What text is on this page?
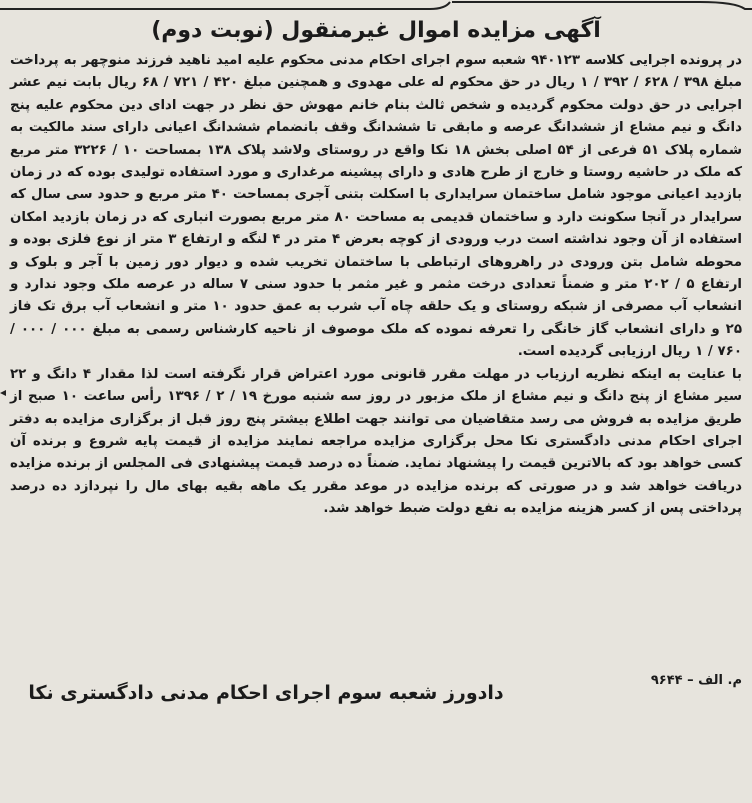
آگهی مزایده اموال غیرمنقول (نوبت دوم)

در پرونده اجرایی کلاسه ۹۴۰۱۲۳ شعبه سوم اجرای احکام مدنی محکوم علیه امید ناهید فرزند منوچهر به پرداخت مبلغ ۳۹۸ / ۶۲۸ / ۳۹۲ / ۱ ریال در حق محکوم له علی مهدوی و همچنین مبلغ ۴۲۰ / ۷۲۱ / ۶۸ ریال بابت نیم عشر اجرایی در حق دولت محکوم گردیده و شخص ثالث بنام خانم مهوش حق نظر در جهت ادای دین محکوم علیه پنج دانگ و نیم مشاع از ششدانگ عرصه و مابقی تا ششدانگ وقف بانضمام ششدانگ اعیانی دارای سند مالکیت به شماره پلاک ۵۱ فرعی از ۵۴ اصلی بخش ۱۸ نکا واقع در روستای ولاشد پلاک ۱۳۸ بمساحت ۱۰ / ۳۲۲۶ متر مربع که ملک در حاشیه روستا و خارج از طرح هادی و دارای پیشینه مرغداری و مورد استفاده تولیدی بوده که در زمان بازدید اعیانی موجود شامل ساختمان سرایداری با اسکلت بتنی آجری بمساحت ۴۰ متر مربع و حدود سی سال که سرایدار در آنجا سکونت دارد و ساختمان قدیمی به مساحت ۸۰ متر مربع بصورت انباری که در زمان بازدید امکان استفاده از آن وجود نداشته است درب ورودی از کوچه بعرض ۴ متر در ۴ لنگه و ارتفاع ۳ متر از نوع فلزی بوده و محوطه شامل بتن ورودی در راهروهای ارتباطی با ساختمان تخریب شده و دیوار دور زمین با آجر و بلوک و ارتفاع ۵ / ۲۰۲ متر و ضمناً تعدادی درخت مثمر و غیر مثمر با حدود سنی ۷ ساله در عرصه ملک وجود ندارد و انشعاب آب مصرفی از شبکه روستای و یک حلقه چاه آب شرب به عمق حدود ۱۰ متر و انشعاب آب برق تک فاز ۲۵ و دارای انشعاب گاز خانگی را تعرفه نموده که ملک موصوف از ناحیه کارشناس رسمی به مبلغ ۰۰۰ / ۰۰۰ / ۷۶۰ / ۱ ریال ارزیابی گردیده است.

با عنایت به اینکه نظریه ارزیاب در مهلت مقرر قانونی مورد اعتراض قرار نگرفته است لذا مقدار ۴ دانگ و ۲۲ سیر مشاع از پنج دانگ و نیم مشاع از ملک مزبور در روز سه شنبه مورخ ۱۹ / ۲ / ۱۳۹۶ رأس ساعت ۱۰ صبح از طریق مزایده به فروش می رسد متقاضیان می توانند جهت اطلاع بیشتر پنج روز قبل از برگزاری مزایده به دفتر اجرای احکام مدنی دادگستری نکا محل برگزاری مزایده مراجعه نمایند مزایده از قیمت پایه شروع و برنده آن کسی خواهد بود که بالاترین قیمت را پیشنهاد نماید. ضمناً ده درصد قیمت پیشنهادی فی المجلس از برنده مزایده دریافت خواهد شد و در صورتی که برنده مزایده در موعد مقرر یک ماهه بقیه بهای مال را نپردازد ده درصد پرداختی پس از کسر هزینه مزایده به نفع دولت ضبط خواهد شد.

م. الف – ۹۶۴۴
دادورز شعبه سوم اجرای احکام مدنی دادگستری نکا
